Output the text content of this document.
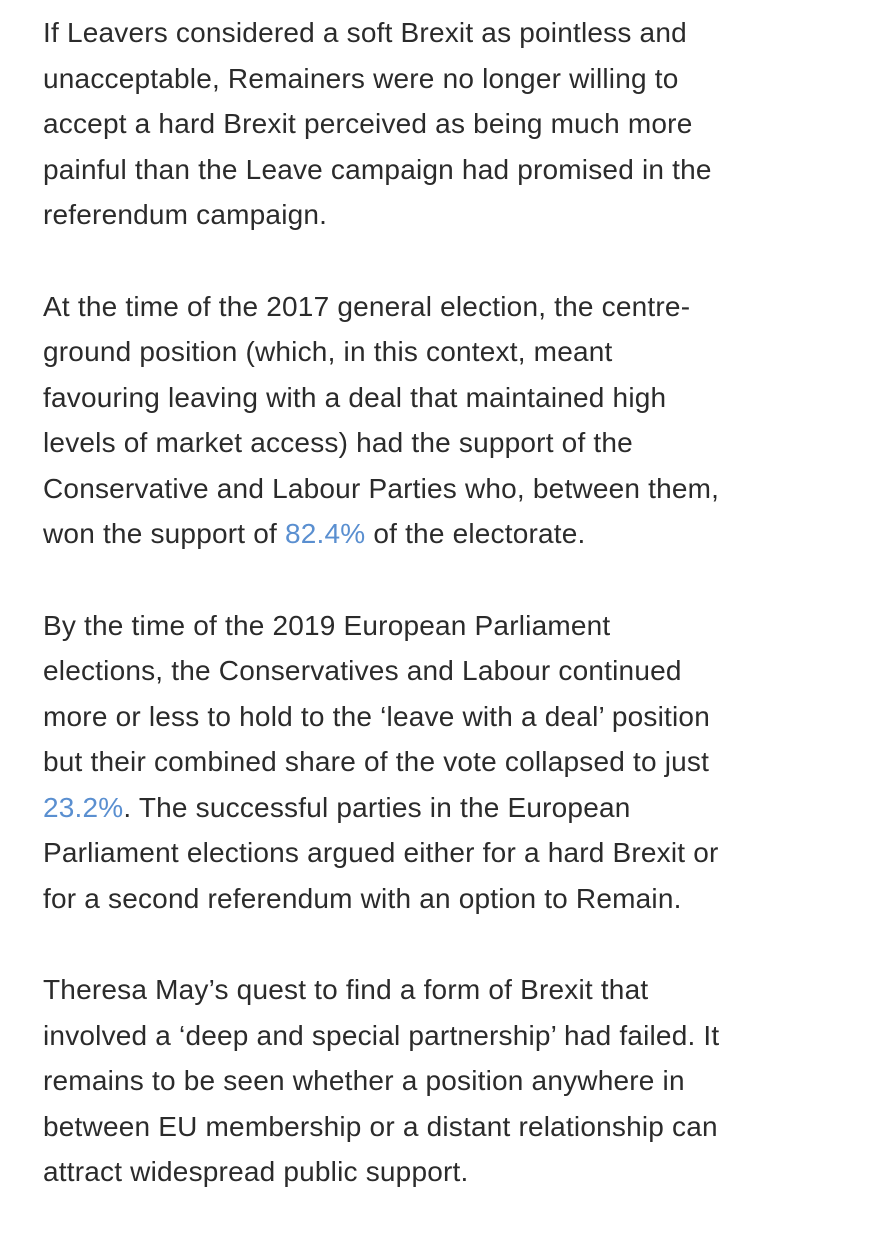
If Leavers considered a soft Brexit as pointless and
unacceptable, Remainers were no longer willing to
accept a hard Brexit perceived as being much more
painful than the Leave campaign had promised in the
referendum campaign.

At the time of the 2017 general election, the centre-
ground position (which, in this context, meant
favouring leaving with a deal that maintained high
levels of market access) had the support of the
Conservative and Labour Parties who, between them,
won the support of 82.4% of the electorate.

By the time of the 2019 European Parliament
elections, the Conservatives and Labour continued
more or less to hold to the ‘leave with a deal’ position
but their combined share of the vote collapsed to just
23.2%. The successful parties in the European
Parliament elections argued either for a hard Brexit or
for a second referendum with an option to Remain.

Theresa May’s quest to find a form of Brexit that
involved a ‘deep and special partnership’ had failed. It
remains to be seen whether a position anywhere in
between EU membership or a distant relationship can
attract widespread public support.
